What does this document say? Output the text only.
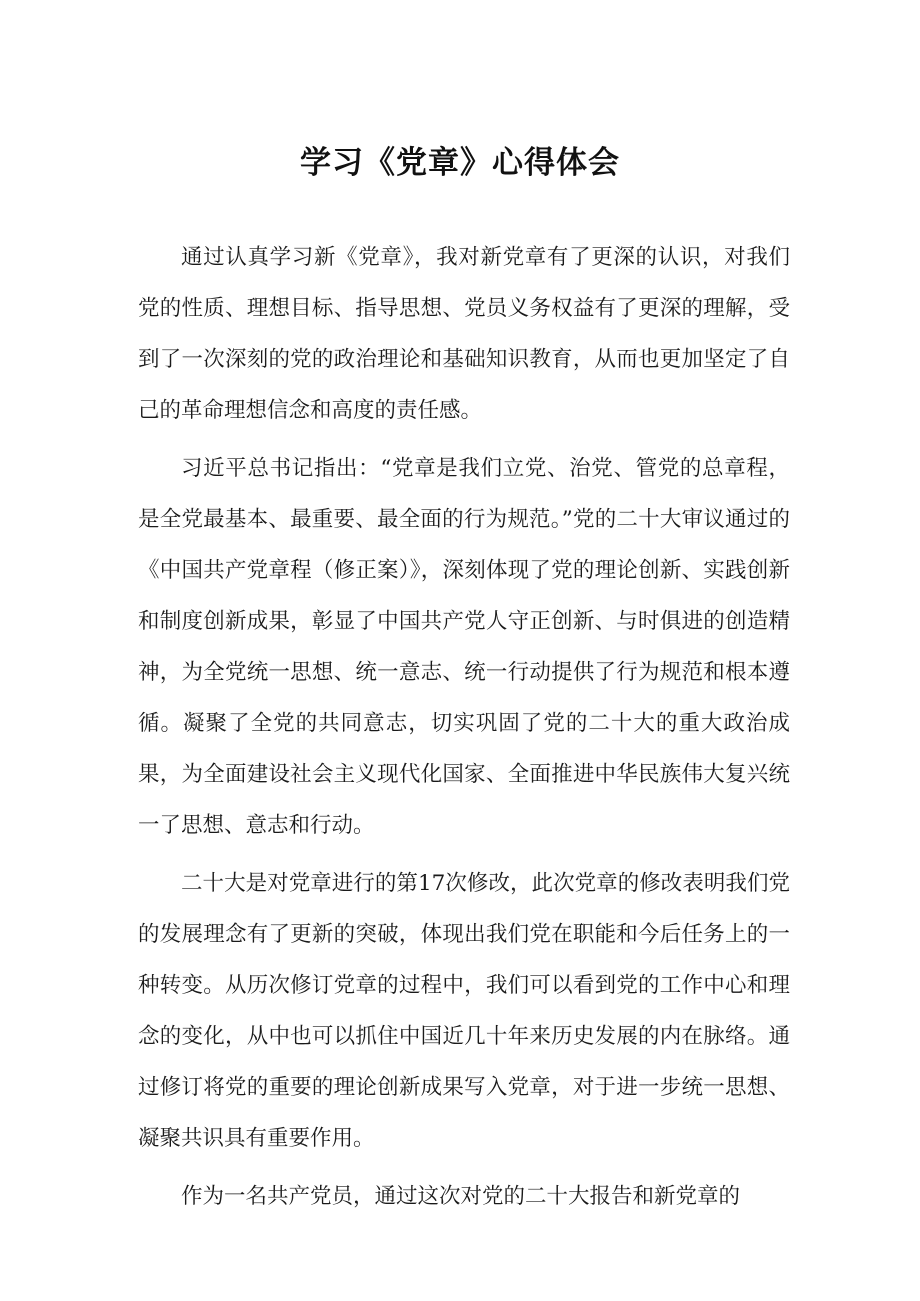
学习《党章》心得体会

通过认真学习新《党章》，我对新党章有了更深的认识，对我们党的性质、理想目标、指导思想、党员义务权益有了更深的理解，受到了一次深刻的党的政治理论和基础知识教育，从而也更加坚定了自己的革命理想信念和高度的责任感。

习近平总书记指出：“党章是我们立党、治党、管党的总章程，是全党最基本、最重要、最全面的行为规范。”党的二十大审议通过的《中国共产党章程（修正案）》，深刻体现了党的理论创新、实践创新和制度创新成果，彰显了中国共产党人守正创新、与时俱进的创造精神，为全党统一思想、统一意志、统一行动提供了行为规范和根本遵循。凝聚了全党的共同意志，切实巩固了党的二十大的重大政治成果，为全面建设社会主义现代化国家、全面推进中华民族伟大复兴统一了思想、意志和行动。

二十大是对党章进行的第17次修改，此次党章的修改表明我们党的发展理念有了更新的突破，体现出我们党在职能和今后任务上的一种转变。从历次修订党章的过程中，我们可以看到党的工作中心和理念的变化，从中也可以抓住中国近几十年来历史发展的内在脉络。通过修订将党的重要的理论创新成果写入党章，对于进一步统一思想、凝聚共识具有重要作用。

作为一名共产党员，通过这次对党的二十大报告和新党章的
